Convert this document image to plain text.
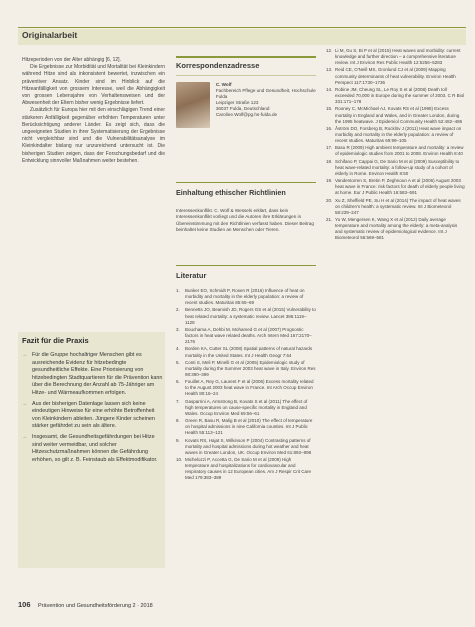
Originalarbeit

Hitzeperioden von der Alter abhängig [6, 12].

Die Ergebnisse zur Morbidität und Mortalität bei Kleinkindern während Hitze sind als inkonsistent bewertet, inzwischen ein präventiver Ansatz. Kinder sind im Hinblick auf die Hitzeanfälligkeit von grossem Interesse, weil die Abhängigkeit von grossen Lebensjahre von Verhaltensweisen und der Abwesenheit der Eltern bisher wenig Ergebnisse liefert.

Zusätzlich für Europa hier mit den einschlägigen Trend einer stärkeren Anfälligkeit gegenüber erhöhten Temperaturen unter Berücksichtigung anderer Länder. Es zeigt sich, dass die ungeeigneten Studien in ihrer Systematisierung der Ergebnisse nicht vergleichbar sind und die Vulnerabilitätsanalyse im Kleinkindalter bislang nur unzureichend untersucht ist. Die bisherigen Studien zeigen, dass der Forschungsbedarf und die Entwicklung sinnvoller Maßnahmen weiter bestehen.

Fazit für die Praxis
→ Für die Gruppe hochaltriger Menschen gibt es ausreichende Evidenz für hitzebedingte gesundheitliche Effekte. Eine Priorisierung von hitzebedingten Stadtquartieren für die Prävention kann über die Berechnung der Anzahl ab 75-Jähriger am Hitze- und Wärmeaufkommen erfolgen.
→ Aus der bisherigen Datenlage lassen sich keine eindeutigen Hinweise für eine erhöhte Betroffenheit von Kleinkindern ableiten. Jüngere Kinder scheinen stärker gefährdet zu sein als ältere.
→ Insgesamt, die Gesundheitsgefährdungen bei Hitze sind weiter vermeidbar, und solcher Hitzeschutzmaßnahmen können die Gefährdung erhöhen, so gilt z. B. Feinstaub als Effektmodifikator.
Korrespondenzadresse
C. Wolf
Fachbereich Pflege und Gesundheit, Hochschule Fulda
Leipziger Straße 123
36037 Fulda, Deutschland
Caroline.Wolf@pg.hs-fulda.de
Einhaltung ethischer Richtlinien
Interessenkonflikt. C. Wolf & Wessels erklärt, dass kein Interessenkonflikt vorliegt und die Autoren ihre Erklärungen in Übereinstimmung mit den Richtlinien verfasst haben. Dieser Beitrag beinhaltet keine Studien an Menschen oder Tieren.
Literatur
1. Bunker EO, Schmidt P, Rosen R (2016) Influence of heat on morbidity and mortality in the elderly population: a review of recent studies. Maturitas 85:65–69
2. Bennetts JO, Beamish JD, Rogers GS et al (2015) Vulnerability to heat related mortality: a systematic review. Lancet 386:1119–1128
3. Bouchama A, Dehbi M, Mohamed G et al (2007) Prognostic factors in heat wave related deaths. Arch Intern Med 167:2170–2176
4. Borden KA, Cutter SL (2008) Spatial patterns of natural hazards mortality in the United States. Int J Health Geogr 7:64
5. Conti S, Meli P, Minelli G et al (2005) Epidemiologic study of mortality during the Summer 2003 heat wave in Italy. Environ Res 98:390–399
6. Fouillet A, Rey G, Laurent F et al (2006) Excess mortality related to the August 2003 heat wave in France. Int Arch Occup Environ Health 80:16–24
7. Gasparrini A, Armstrong B, Kovats S et al (2011) The effect of high temperatures on cause-specific mortality in England and Wales. Occup Environ Med 69:56–61
8. Green R, Basu R, Malig B et al (2010) The effect of temperature on hospital admissions in nine California counties. Int J Public Health 55:113–121
9. Kovats RS, Hajat S, Wilkinson P (2004) Contrasting patterns of mortality and hospital admissions during hot weather and heat waves in Greater London, UK. Occup Environ Med 61:893–898
10. Michelozzi P, Accetta G, De Sario M et al (2009) High temperature and hospitalizations for cardiovascular and respiratory causes in 12 European cities. Am J Respir Crit Care Med 179:383–389
12. Li M, Gu S, Bi P et al (2015) Heat waves and morbidity: current knowledge and further direction – a comprehensive literature review. Int J Environ Res Public Health 12:5256–5283
13. Reid CE, O'Neill MS, Gronlund CJ et al (2009) Mapping community determinants of heat vulnerability. Environ Health Perspect 117:1730–1736
14. Robine JM, Cheung SL, Le Roy S et al (2008) Death toll exceeded 70,000 in Europe during the summer of 2003. C R Biol 331:171–178
15. Rooney C, McMichael AJ, Kovats RS et al (1998) Excess mortality in England and Wales, and in Greater London, during the 1995 heatwave. J Epidemiol Community Health 52:482–486
16. Åström DO, Forsberg B, Rocklöv J (2011) Heat wave impact on morbidity and mortality in the elderly population: a review of recent studies. Maturitas 69:99–105
17. Basu R (2009) High ambient temperature and mortality: a review of epidemiologic studies from 2001 to 2008. Environ Health 8:40
18. Schifano P, Cappai G, De Sario M et al (2009) Susceptibility to heat wave-related mortality: a follow-up study of a cohort of elderly in Rome. Environ Health 8:50
19. Vandentorren S, Bretin P, Zeghnoun A et al (2006) August 2003 heat wave in France: risk factors for death of elderly people living at home. Eur J Public Health 16:583–591
20. Xu Z, Sheffield PE, Su H et al (2014) The impact of heat waves on children's health: a systematic review. Int J Biometeorol 58:239–247
21. Yu W, Mengersen K, Wang X et al (2012) Daily average temperature and mortality among the elderly: a meta-analysis and systematic review of epidemiological evidence. Int J Biometeorol 56:569–581
106 Prävention und Gesundheitsförderung 2 · 2018
